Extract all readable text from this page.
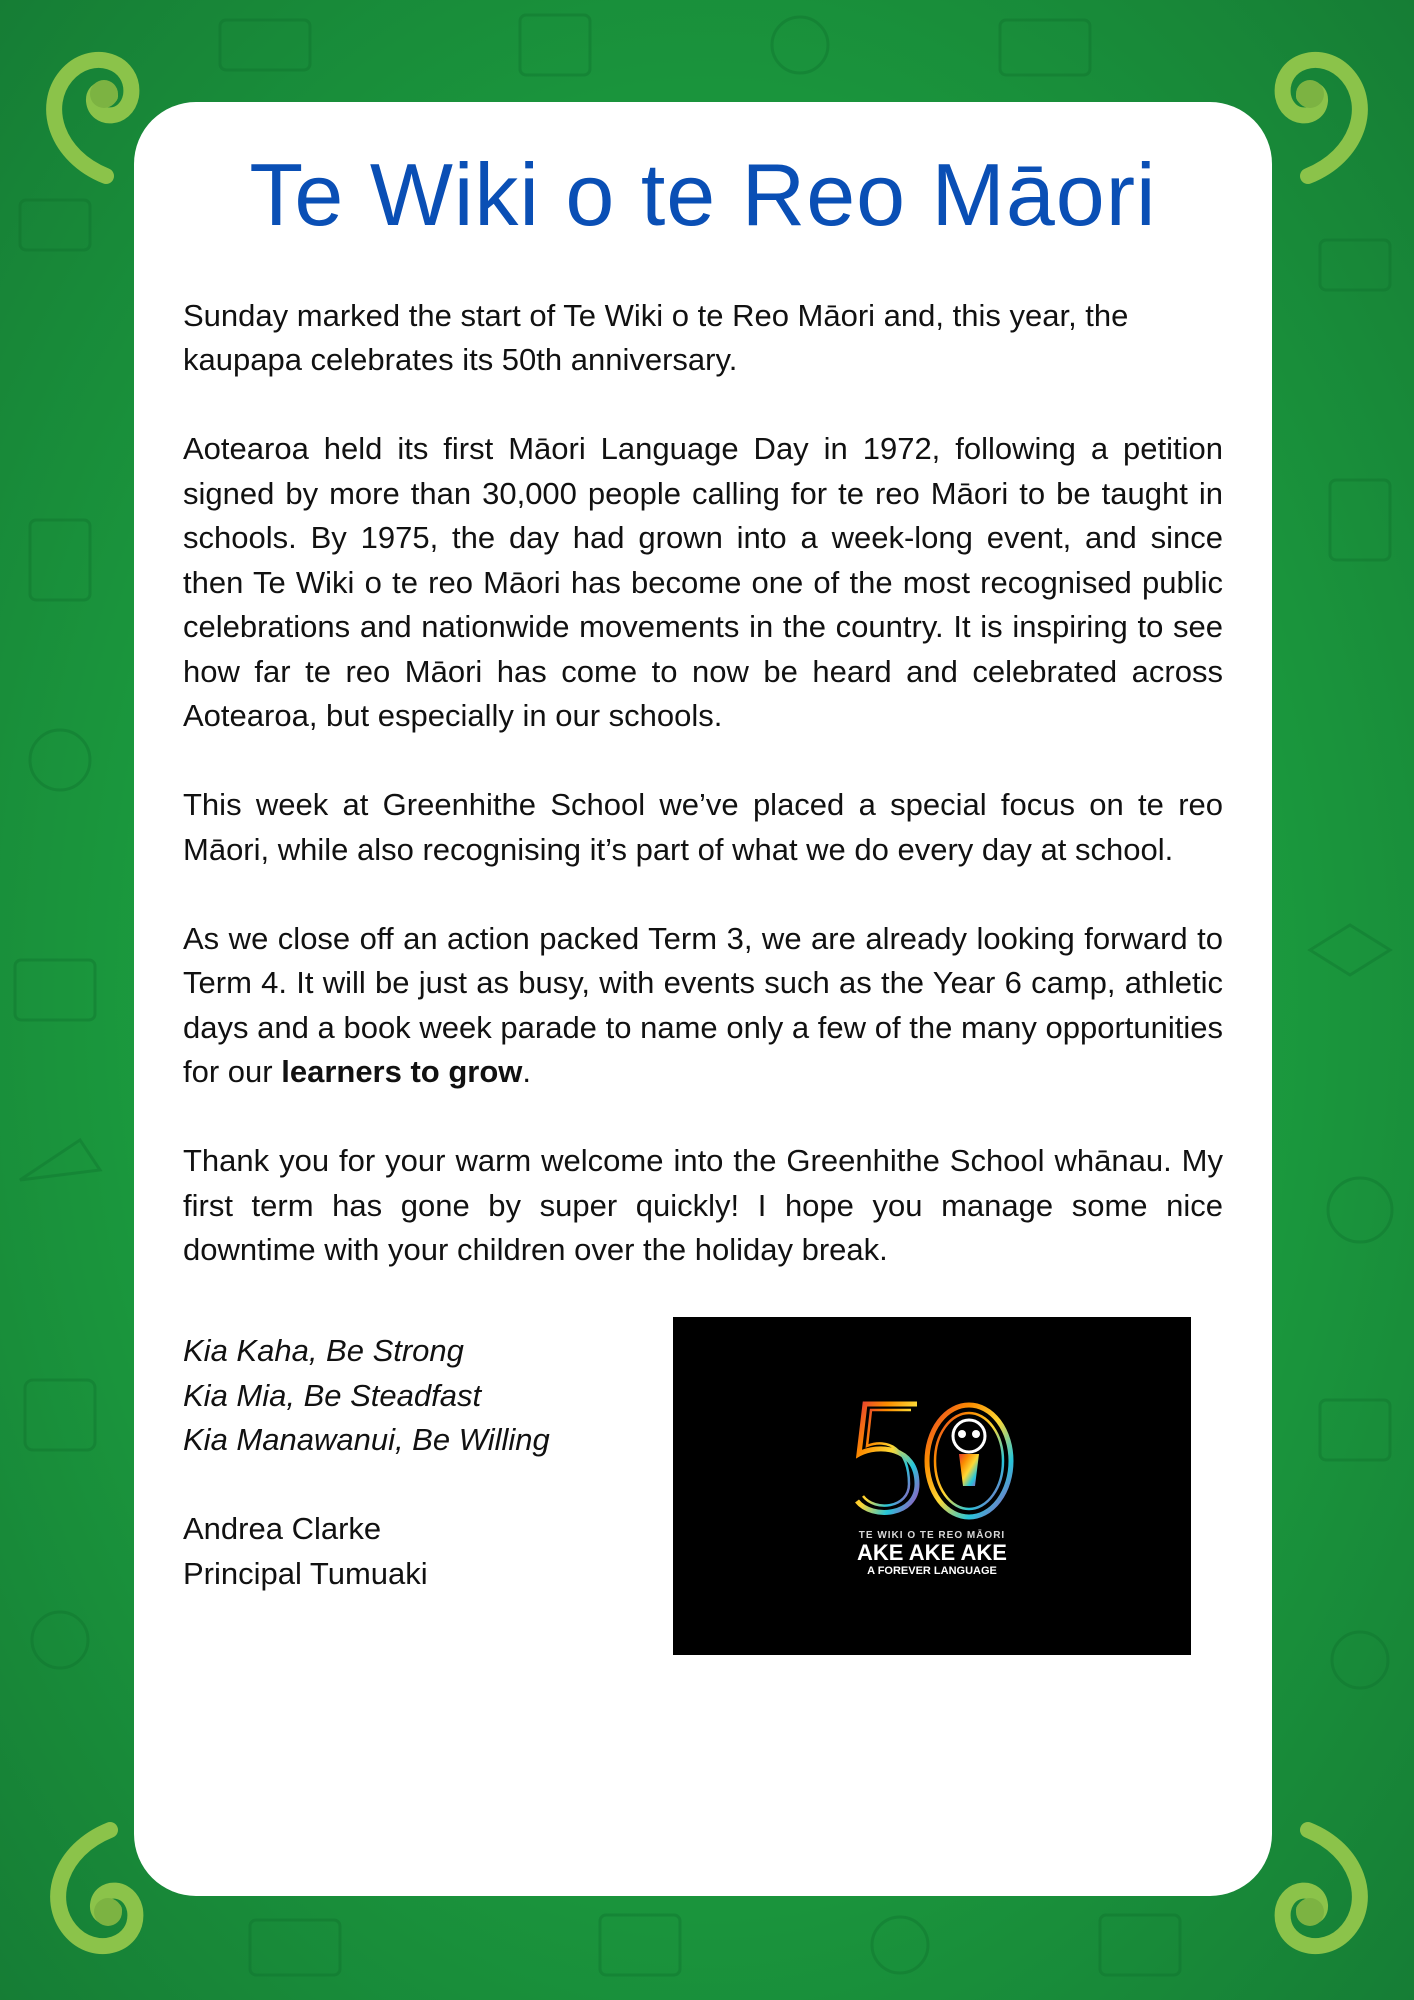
Te Wiki o te Reo Māori

Sunday marked the start of Te Wiki o te Reo Māori and, this year, the kaupapa celebrates its 50th anniversary.

Aotearoa held its first Māori Language Day in 1972, following a petition signed by more than 30,000 people calling for te reo Māori to be taught in schools. By 1975, the day had grown into a week-long event, and since then Te Wiki o te reo Māori has become one of the most recognised public celebrations and nationwide movements in the country. It is inspiring to see how far te reo Māori has come to now be heard and celebrated across Aotearoa, but especially in our schools.

This week at Greenhithe School we’ve placed a special focus on te reo Māori, while also recognising it’s part of what we do every day at school.

As we close off an action packed Term 3, we are already looking forward to Term 4. It will be just as busy, with events such as the Year 6 camp, athletic days and a book week parade to name only a few of the many opportunities for our learners to grow.

Thank you for your warm welcome into the Greenhithe School whānau. My first term has gone by super quickly! I hope you manage some nice downtime with your children over the holiday break.

Kia Kaha, Be Strong
Kia Mia, Be Steadfast
Kia Manawanui, Be Willing
Andrea Clarke
Principal Tumuaki
TE WIKI O TE REO MĀORI
AKE AKE AKE
A FOREVER LANGUAGE
